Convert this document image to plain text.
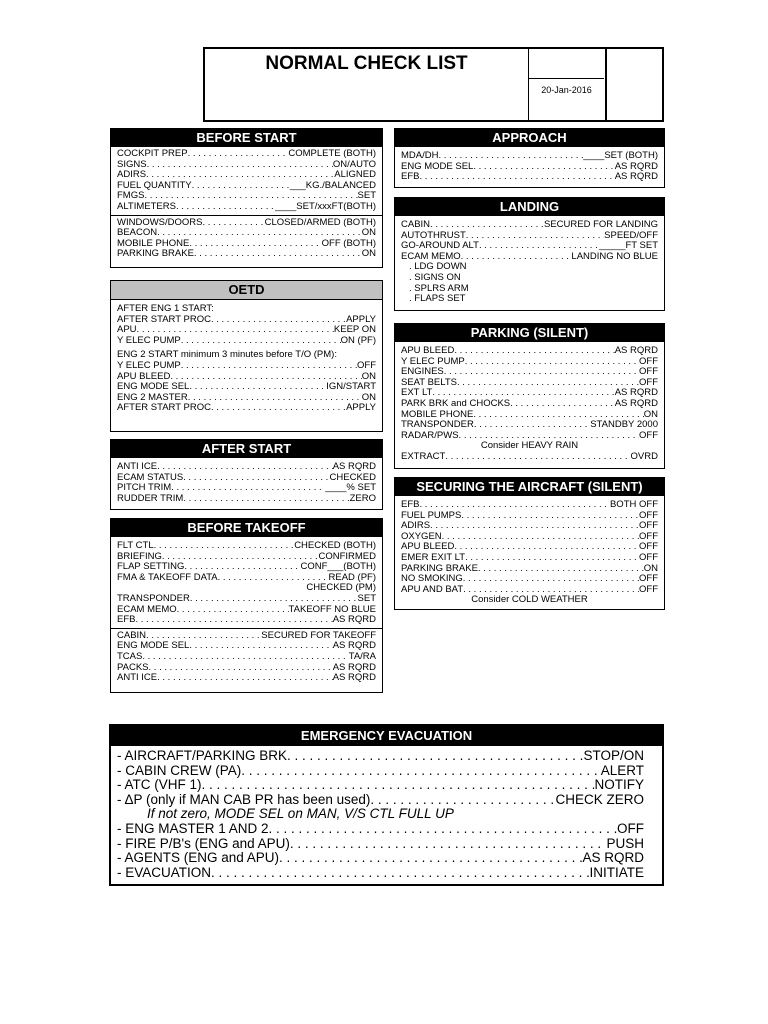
NORMAL CHECK LIST
20-Jan-2016
BEFORE START
COCKPIT PREP . . .	COMPLETE (BOTH)
SIGNS . . .	ON/AUTO
ADIRS . . .	ALIGNED
FUEL QUANTITY . . .	___KG./BALANCED
FMGS . . .	SET
ALTIMETERS . . .	____SET/xxxFT(BOTH)
WINDOWS/DOORS . . .	CLOSED/ARMED (BOTH)
BEACON . . .	ON
MOBILE PHONE . . .	OFF (BOTH)
PARKING BRAKE . . .	ON
OETD
AFTER ENG 1 START:
AFTER START PROC . . .	APPLY
APU . . .	KEEP ON
Y ELEC PUMP . . .	ON (PF)
ENG 2 START minimum 3 minutes before T/O (PM):
Y ELEC PUMP . . .	OFF
APU BLEED . . .	ON
ENG MODE SEL . . .	IGN/START
ENG 2 MASTER . . .	ON
AFTER START PROC . . .	APPLY
AFTER START
ANTI ICE . . .	AS RQRD
ECAM STATUS . . .	CHECKED
PITCH TRIM . . .	____% SET
RUDDER TRIM . . .	ZERO
BEFORE TAKEOFF
FLT CTL . . .	CHECKED (BOTH)
BRIEFING . . .	CONFIRMED
FLAP SETTING . . .	CONF___(BOTH)
FMA & TAKEOFF DATA . . .	READ (PF)
CHECKED (PM)
TRANSPONDER . . .	SET
ECAM MEMO . . .	TAKEOFF NO BLUE
EFB . . .	AS RQRD
CABIN . . .	SECURED FOR TAKEOFF
ENG MODE SEL . . .	AS RQRD
TCAS . . .	TA/RA
PACKS . . .	AS RQRD
ANTI ICE . . .	AS RQRD
APPROACH
MDA/DH . . .	____SET (BOTH)
ENG MODE SEL . . .	AS RQRD
EFB . . .	AS RQRD
LANDING
CABIN . . .	SECURED FOR LANDING
AUTOTHRUST . . .	SPEED/OFF
GO-AROUND ALT . . .	_____FT SET
ECAM MEMO . . .	LANDING NO BLUE
. LDG DOWN
. SIGNS ON
. SPLRS ARM
. FLAPS SET
PARKING (SILENT)
APU BLEED . . .	AS RQRD
Y ELEC PUMP . . .	OFF
ENGINES . . .	OFF
SEAT BELTS . . .	OFF
EXT LT . . .	AS RQRD
PARK BRK and CHOCKS . . .	AS RQRD
MOBILE PHONE . . .	ON
TRANSPONDER . . .	STANDBY 2000
RADAR/PWS . . .	OFF
Consider HEAVY RAIN
EXTRACT . . .	OVRD
SECURING THE AIRCRAFT (SILENT)
EFB . . .	BOTH OFF
FUEL PUMPS . . .	OFF
ADIRS . . .	OFF
OXYGEN . . .	OFF
APU BLEED . . .	OFF
EMER EXIT LT . . .	OFF
PARKING BRAKE . . .	ON
NO SMOKING . . .	OFF
APU AND BAT . . .	OFF
Consider COLD WEATHER
EMERGENCY EVACUATION
- AIRCRAFT/PARKING BRK . . .	STOP/ON
- CABIN CREW (PA) . . .	ALERT
- ATC (VHF 1) . . .	NOTIFY
- ΔP (only if MAN CAB PR has been used) . . .	CHECK ZERO
If not zero, MODE SEL on MAN, V/S CTL FULL UP
- ENG MASTER 1 AND 2 . . .	OFF
- FIRE P/B's (ENG and APU) . . .	PUSH
- AGENTS (ENG and APU) . . .	AS RQRD
- EVACUATION . . .	INITIATE
